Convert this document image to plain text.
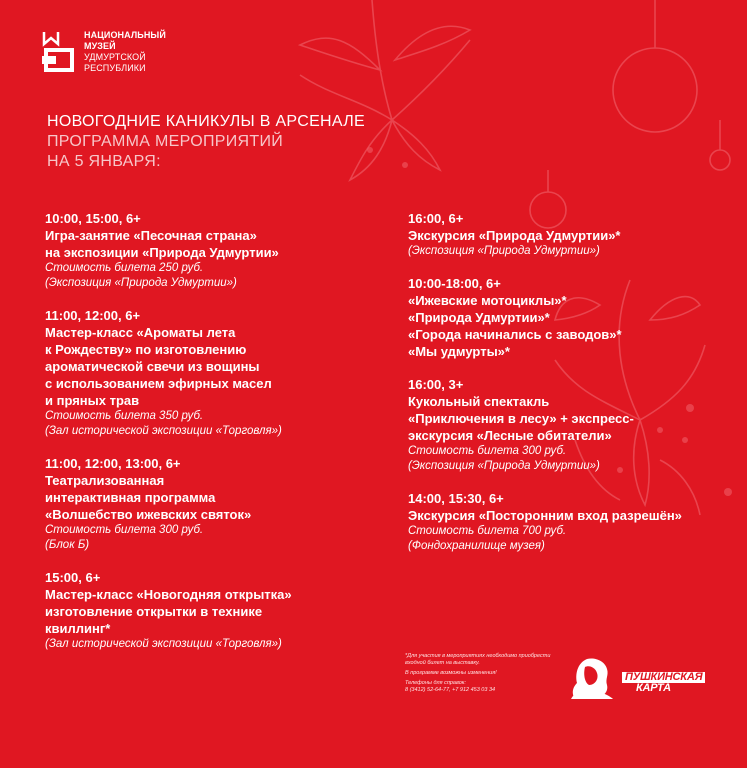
НАЦИОНАЛЬНЫЙ
МУЗЕЙ
УДМУРТСКОЙ
РЕСПУБЛИКИ
НОВОГОДНИЕ КАНИКУЛЫ В АРСЕНАЛЕ
ПРОГРАММА МЕРОПРИЯТИЙ
НА 5 ЯНВАРЯ:
10:00, 15:00, 6+
Игра-занятие «Песочная страна»
на экспозиции «Природа Удмуртии»
Стоимость билета 250 руб.
(Экспозиция «Природа Удмуртии»)
11:00, 12:00, 6+
Мастер-класс «Ароматы лета
к Рождеству» по изготовлению
ароматической свечи из вощины
с использованием эфирных масел
и пряных трав
Стоимость билета 350 руб.
(Зал исторической экспозиции «Торговля»)
11:00, 12:00, 13:00, 6+
Театрализованная
интерактивная программа
«Волшебство ижевских святок»
Стоимость билета 300 руб.
(Блок Б)
15:00, 6+
Мастер-класс «Новогодняя открытка»
изготовление открытки в технике
квиллинг*
(Зал исторической экспозиции «Торговля»)
16:00, 6+
Экскурсия «Природа Удмуртии»*
(Экспозиция «Природа Удмуртии»)
10:00-18:00, 6+
«Ижевские мотоциклы»*
«Природа Удмуртии»*
«Города начинались с заводов»*
«Мы удмурты»*
16:00, 3+
Кукольный спектакль
«Приключения в лесу» + экспресс-
экскурсия «Лесные обитатели»
Стоимость билета 300 руб.
(Экспозиция «Природа Удмуртии»)
14:00, 15:30, 6+
Экскурсия «Посторонним вход разрешён»
Стоимость билета 700 руб.
(Фондохранилище музея)

*Для участия в мероприятиях необходимо приобрести входной билет на выставку.

В программе возможны изменения!

Телефоны для справок:

8 (3412) 52-64-77, +7 912 453 03 34

ПУШКИНСКАЯ
КАРТА
